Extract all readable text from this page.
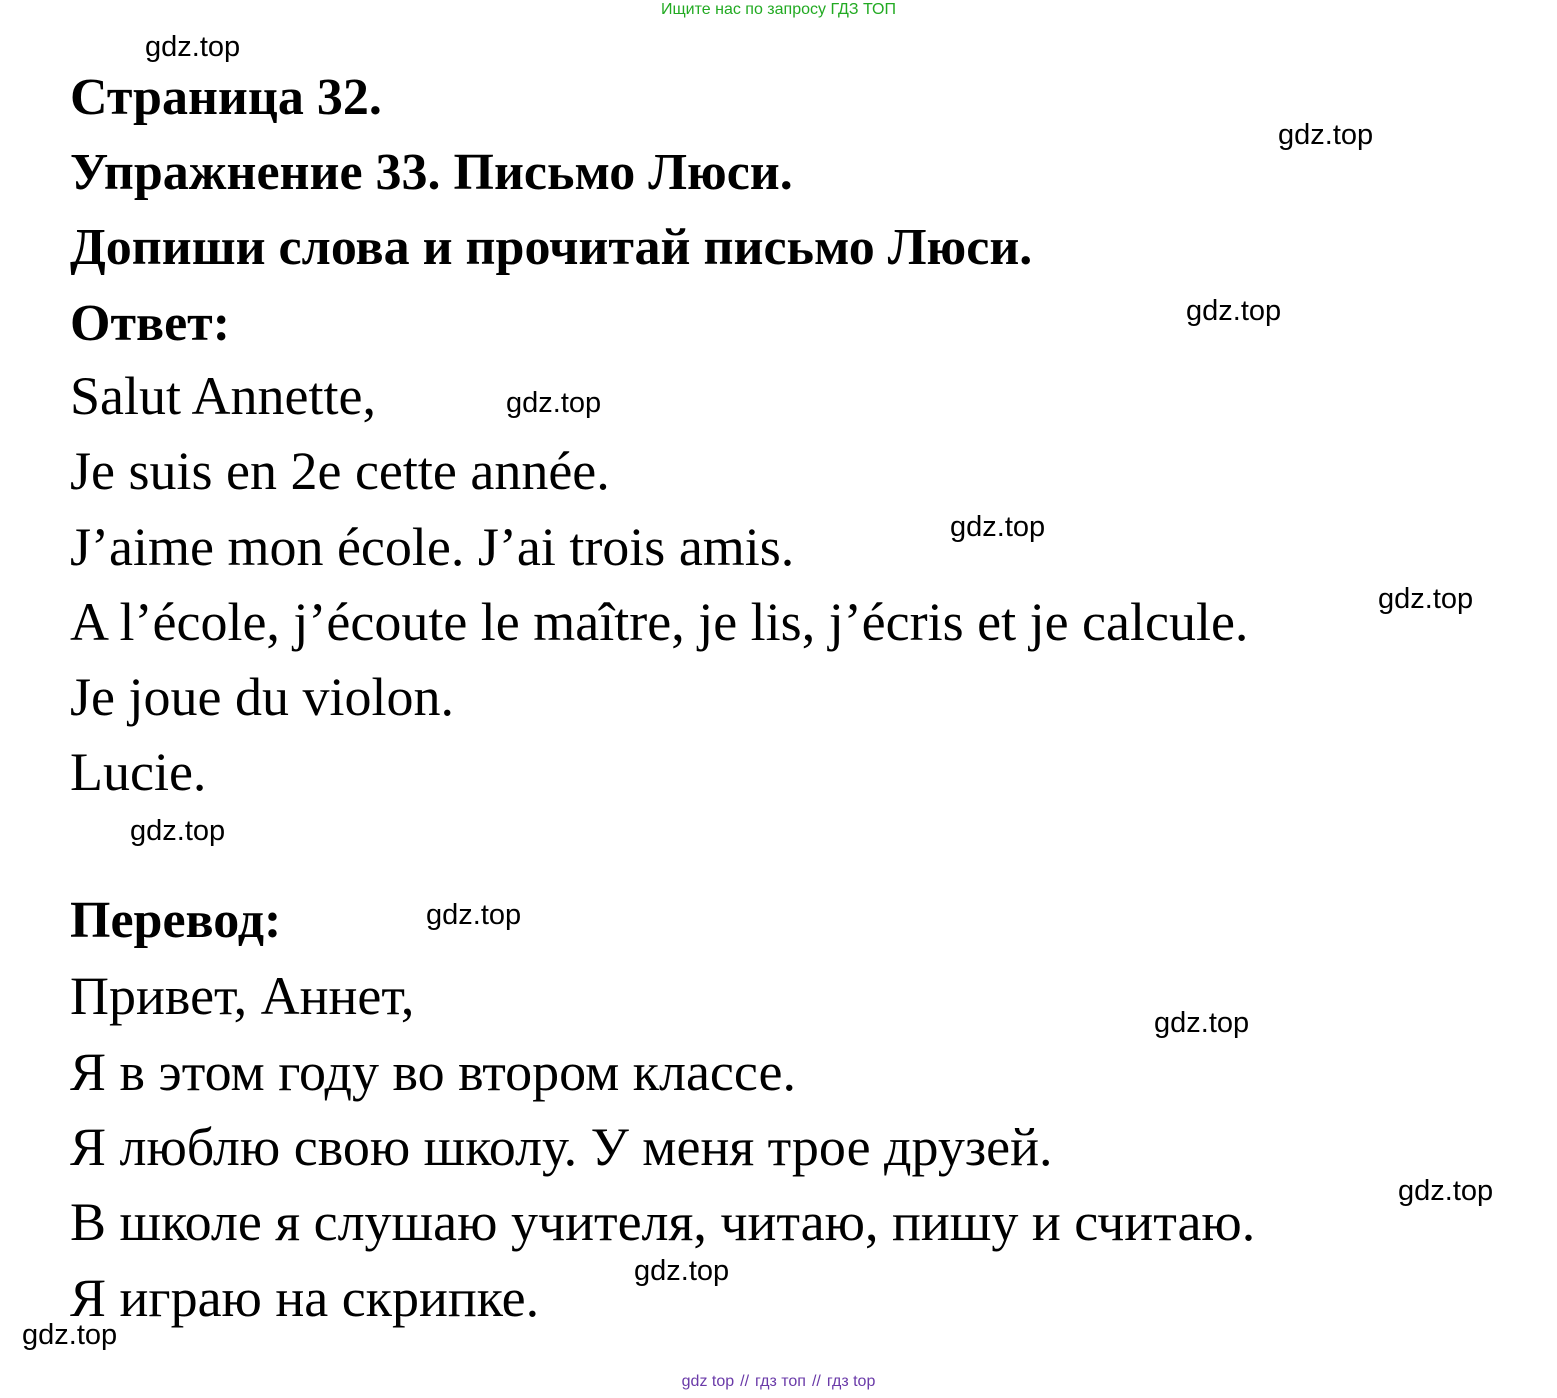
Ищите нас по запросу ГДЗ ТОП
Страница 32.
Упражнение 33. Письмо Люси.
Допиши слова и прочитай письмо Люси.
Ответ:
Salut Annette,
Je suis en 2e cette année.
J’aime mon école. J’ai trois amis.
A l’école, j’écoute le maître, je lis, j’écris et je calcule.
Je joue du violon.
Lucie.
Перевод:
Привет, Аннет,
Я в этом году во втором классе.
Я люблю свою школу. У меня трое друзей.
В школе я слушаю учителя, читаю, пишу и считаю.
Я играю на скрипке.
gdz.top
gdz.top
gdz.top
gdz.top
gdz.top
gdz.top
gdz.top
gdz.top
gdz.top
gdz.top
gdz.top
gdz.top
gdz top // гдз топ // гдз top
